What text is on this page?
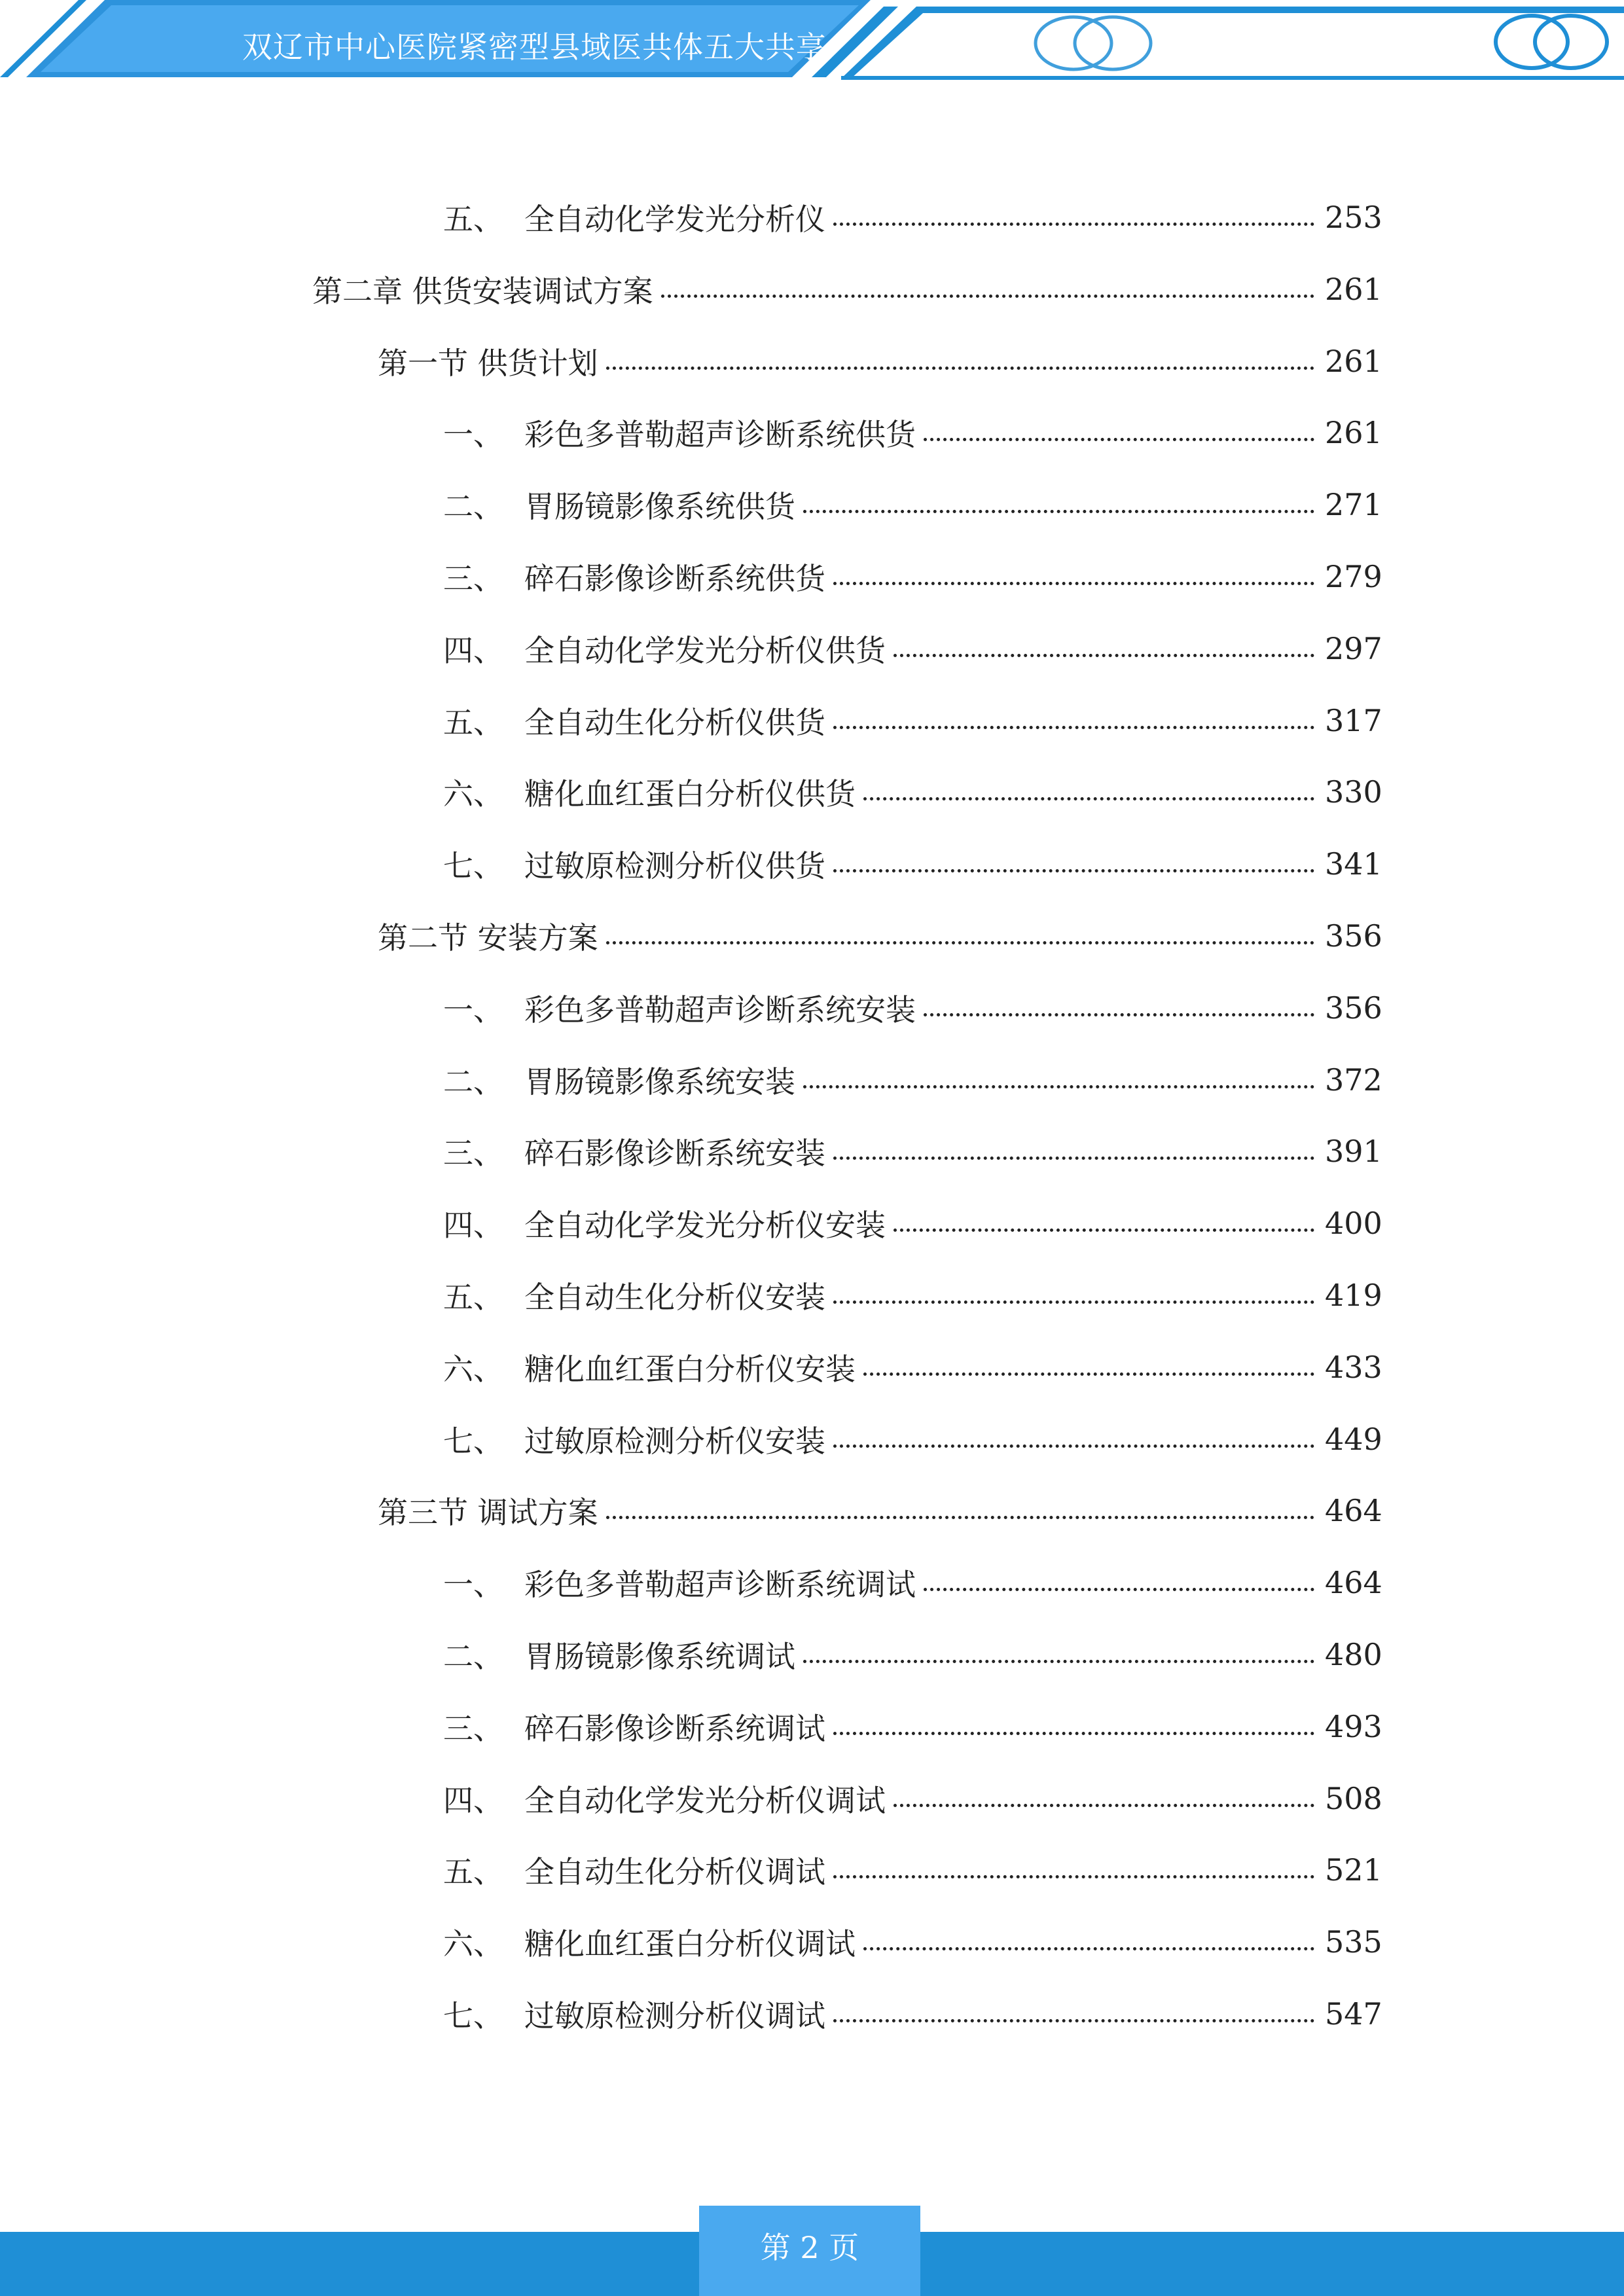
双辽市中心医院紧密型县域医共体五大共享
五、 全自动化学发光分析仪	253
第二章 供货安装调试方案	261
第一节 供货计划	261
一、 彩色多普勒超声诊断系统供货	261
二、 胃肠镜影像系统供货	271
三、 碎石影像诊断系统供货	279
四、 全自动化学发光分析仪供货	297
五、 全自动生化分析仪供货	317
六、 糖化血红蛋白分析仪供货	330
七、 过敏原检测分析仪供货	341
第二节 安装方案	356
一、 彩色多普勒超声诊断系统安装	356
二、 胃肠镜影像系统安装	372
三、 碎石影像诊断系统安装	391
四、 全自动化学发光分析仪安装	400
五、 全自动生化分析仪安装	419
六、 糖化血红蛋白分析仪安装	433
七、 过敏原检测分析仪安装	449
第三节 调试方案	464
一、 彩色多普勒超声诊断系统调试	464
二、 胃肠镜影像系统调试	480
三、 碎石影像诊断系统调试	493
四、 全自动化学发光分析仪调试	508
五、 全自动生化分析仪调试	521
六、 糖化血红蛋白分析仪调试	535
七、 过敏原检测分析仪调试	547
第 2 页
